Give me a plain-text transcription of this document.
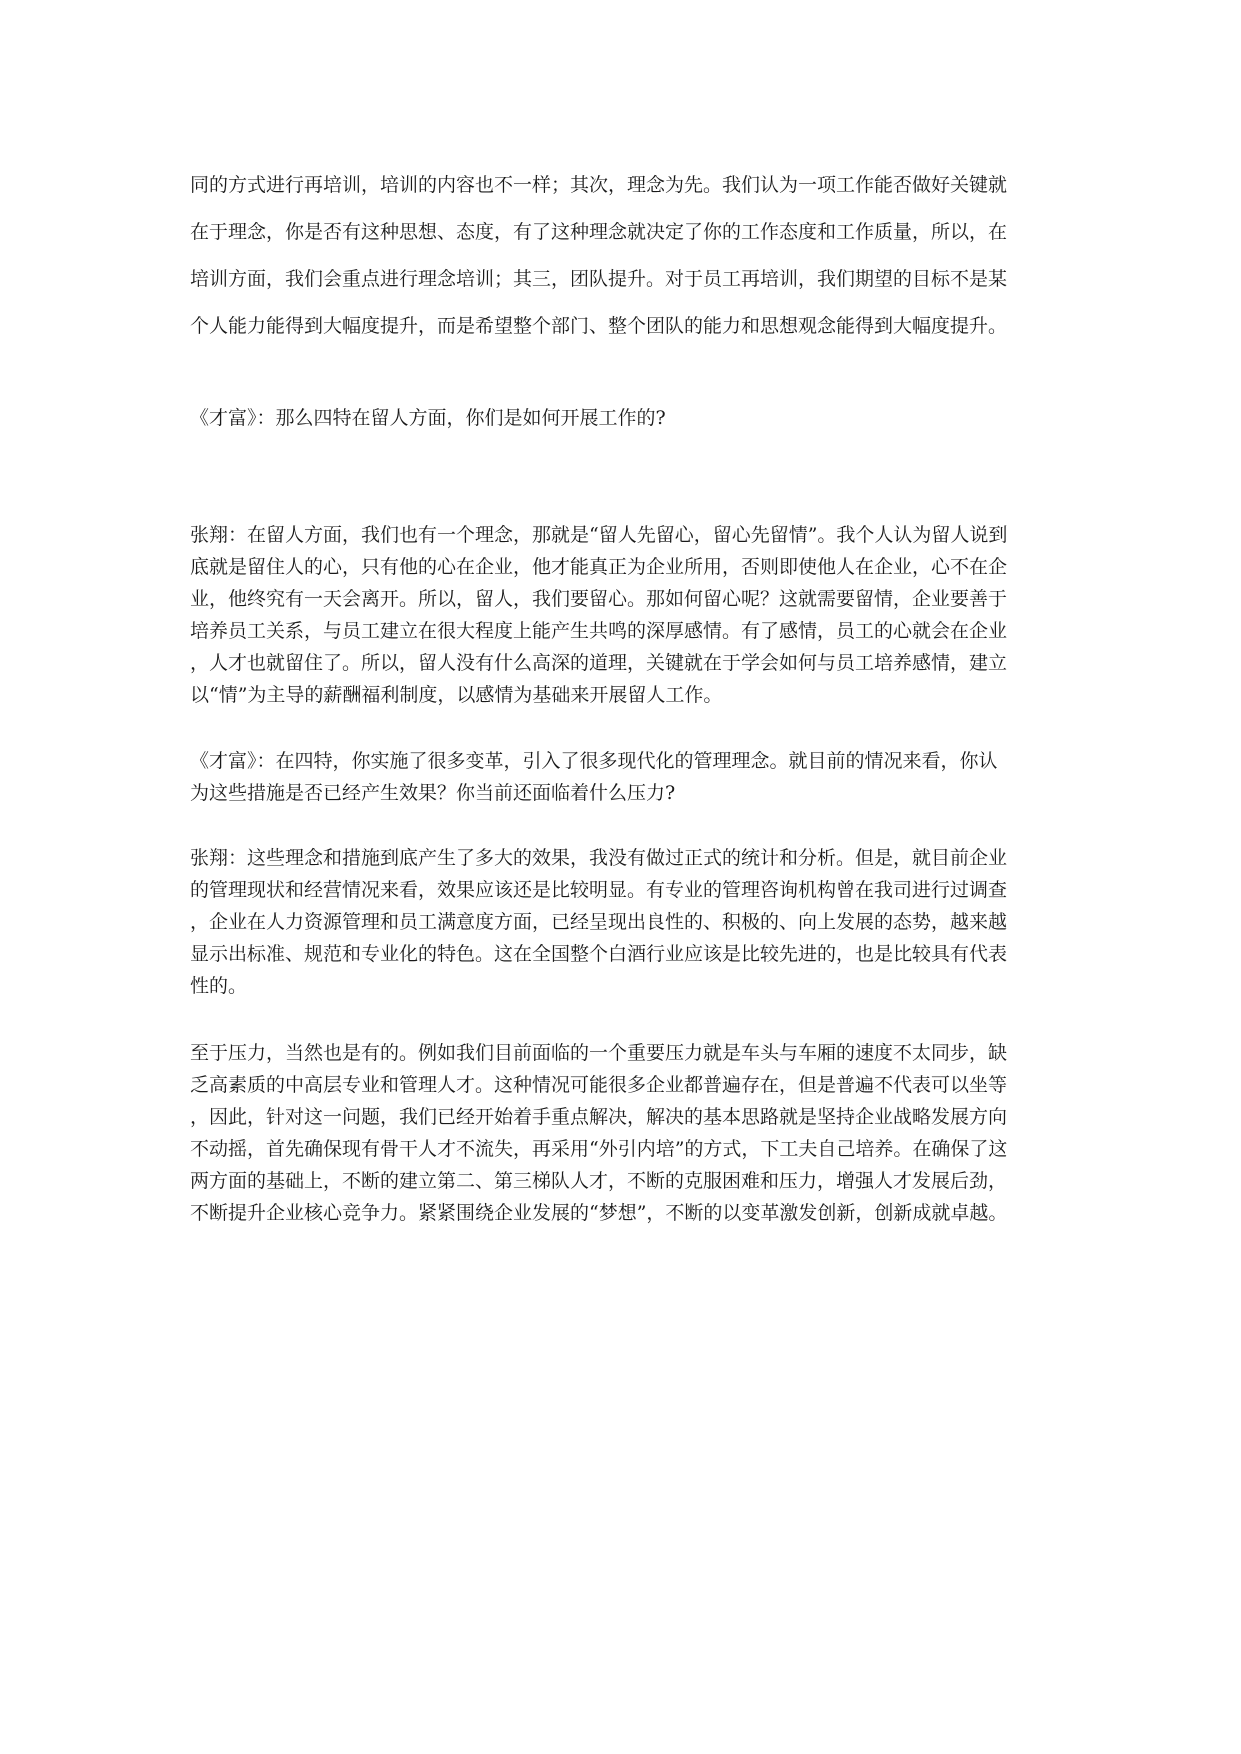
同的方式进行再培训，培训的内容也不一样；其次，理念为先。我们认为一项工作能否做好关键就
在于理念，你是否有这种思想、态度，有了这种理念就决定了你的工作态度和工作质量，所以，在
培训方面，我们会重点进行理念培训；其三，团队提升。对于员工再培训，我们期望的目标不是某
个人能力能得到大幅度提升，而是希望整个部门、整个团队的能力和思想观念能得到大幅度提升。

《才富》：那么四特在留人方面，你们是如何开展工作的?

张翔：在留人方面，我们也有一个理念，那就是“留人先留心，留心先留情”。我个人认为留人说到
底就是留住人的心，只有他的心在企业，他才能真正为企业所用，否则即使他人在企业，心不在企
业，他终究有一天会离开。所以，留人，我们要留心。那如何留心呢？这就需要留情，企业要善于
培养员工关系，与员工建立在很大程度上能产生共鸣的深厚感情。有了感情，员工的心就会在企业
，人才也就留住了。所以，留人没有什么高深的道理，关键就在于学会如何与员工培养感情，建立
以“情”为主导的薪酬福利制度，以感情为基础来开展留人工作。

《才富》：在四特，你实施了很多变革，引入了很多现代化的管理理念。就目前的情况来看，你认
为这些措施是否已经产生效果？你当前还面临着什么压力?

张翔：这些理念和措施到底产生了多大的效果，我没有做过正式的统计和分析。但是，就目前企业
的管理现状和经营情况来看，效果应该还是比较明显。有专业的管理咨询机构曾在我司进行过调查
，企业在人力资源管理和员工满意度方面，已经呈现出良性的、积极的、向上发展的态势，越来越
显示出标准、规范和专业化的特色。这在全国整个白酒行业应该是比较先进的，也是比较具有代表
性的。

至于压力，当然也是有的。例如我们目前面临的一个重要压力就是车头与车厢的速度不太同步，缺
乏高素质的中高层专业和管理人才。这种情况可能很多企业都普遍存在，但是普遍不代表可以坐等
，因此，针对这一问题，我们已经开始着手重点解决，解决的基本思路就是坚持企业战略发展方向
不动摇，首先确保现有骨干人才不流失，再采用“外引内培”的方式，下工夫自己培养。在确保了这
两方面的基础上，不断的建立第二、第三梯队人才，不断的克服困难和压力，增强人才发展后劲，
不断提升企业核心竞争力。紧紧围绕企业发展的“梦想”，不断的以变革激发创新，创新成就卓越。
